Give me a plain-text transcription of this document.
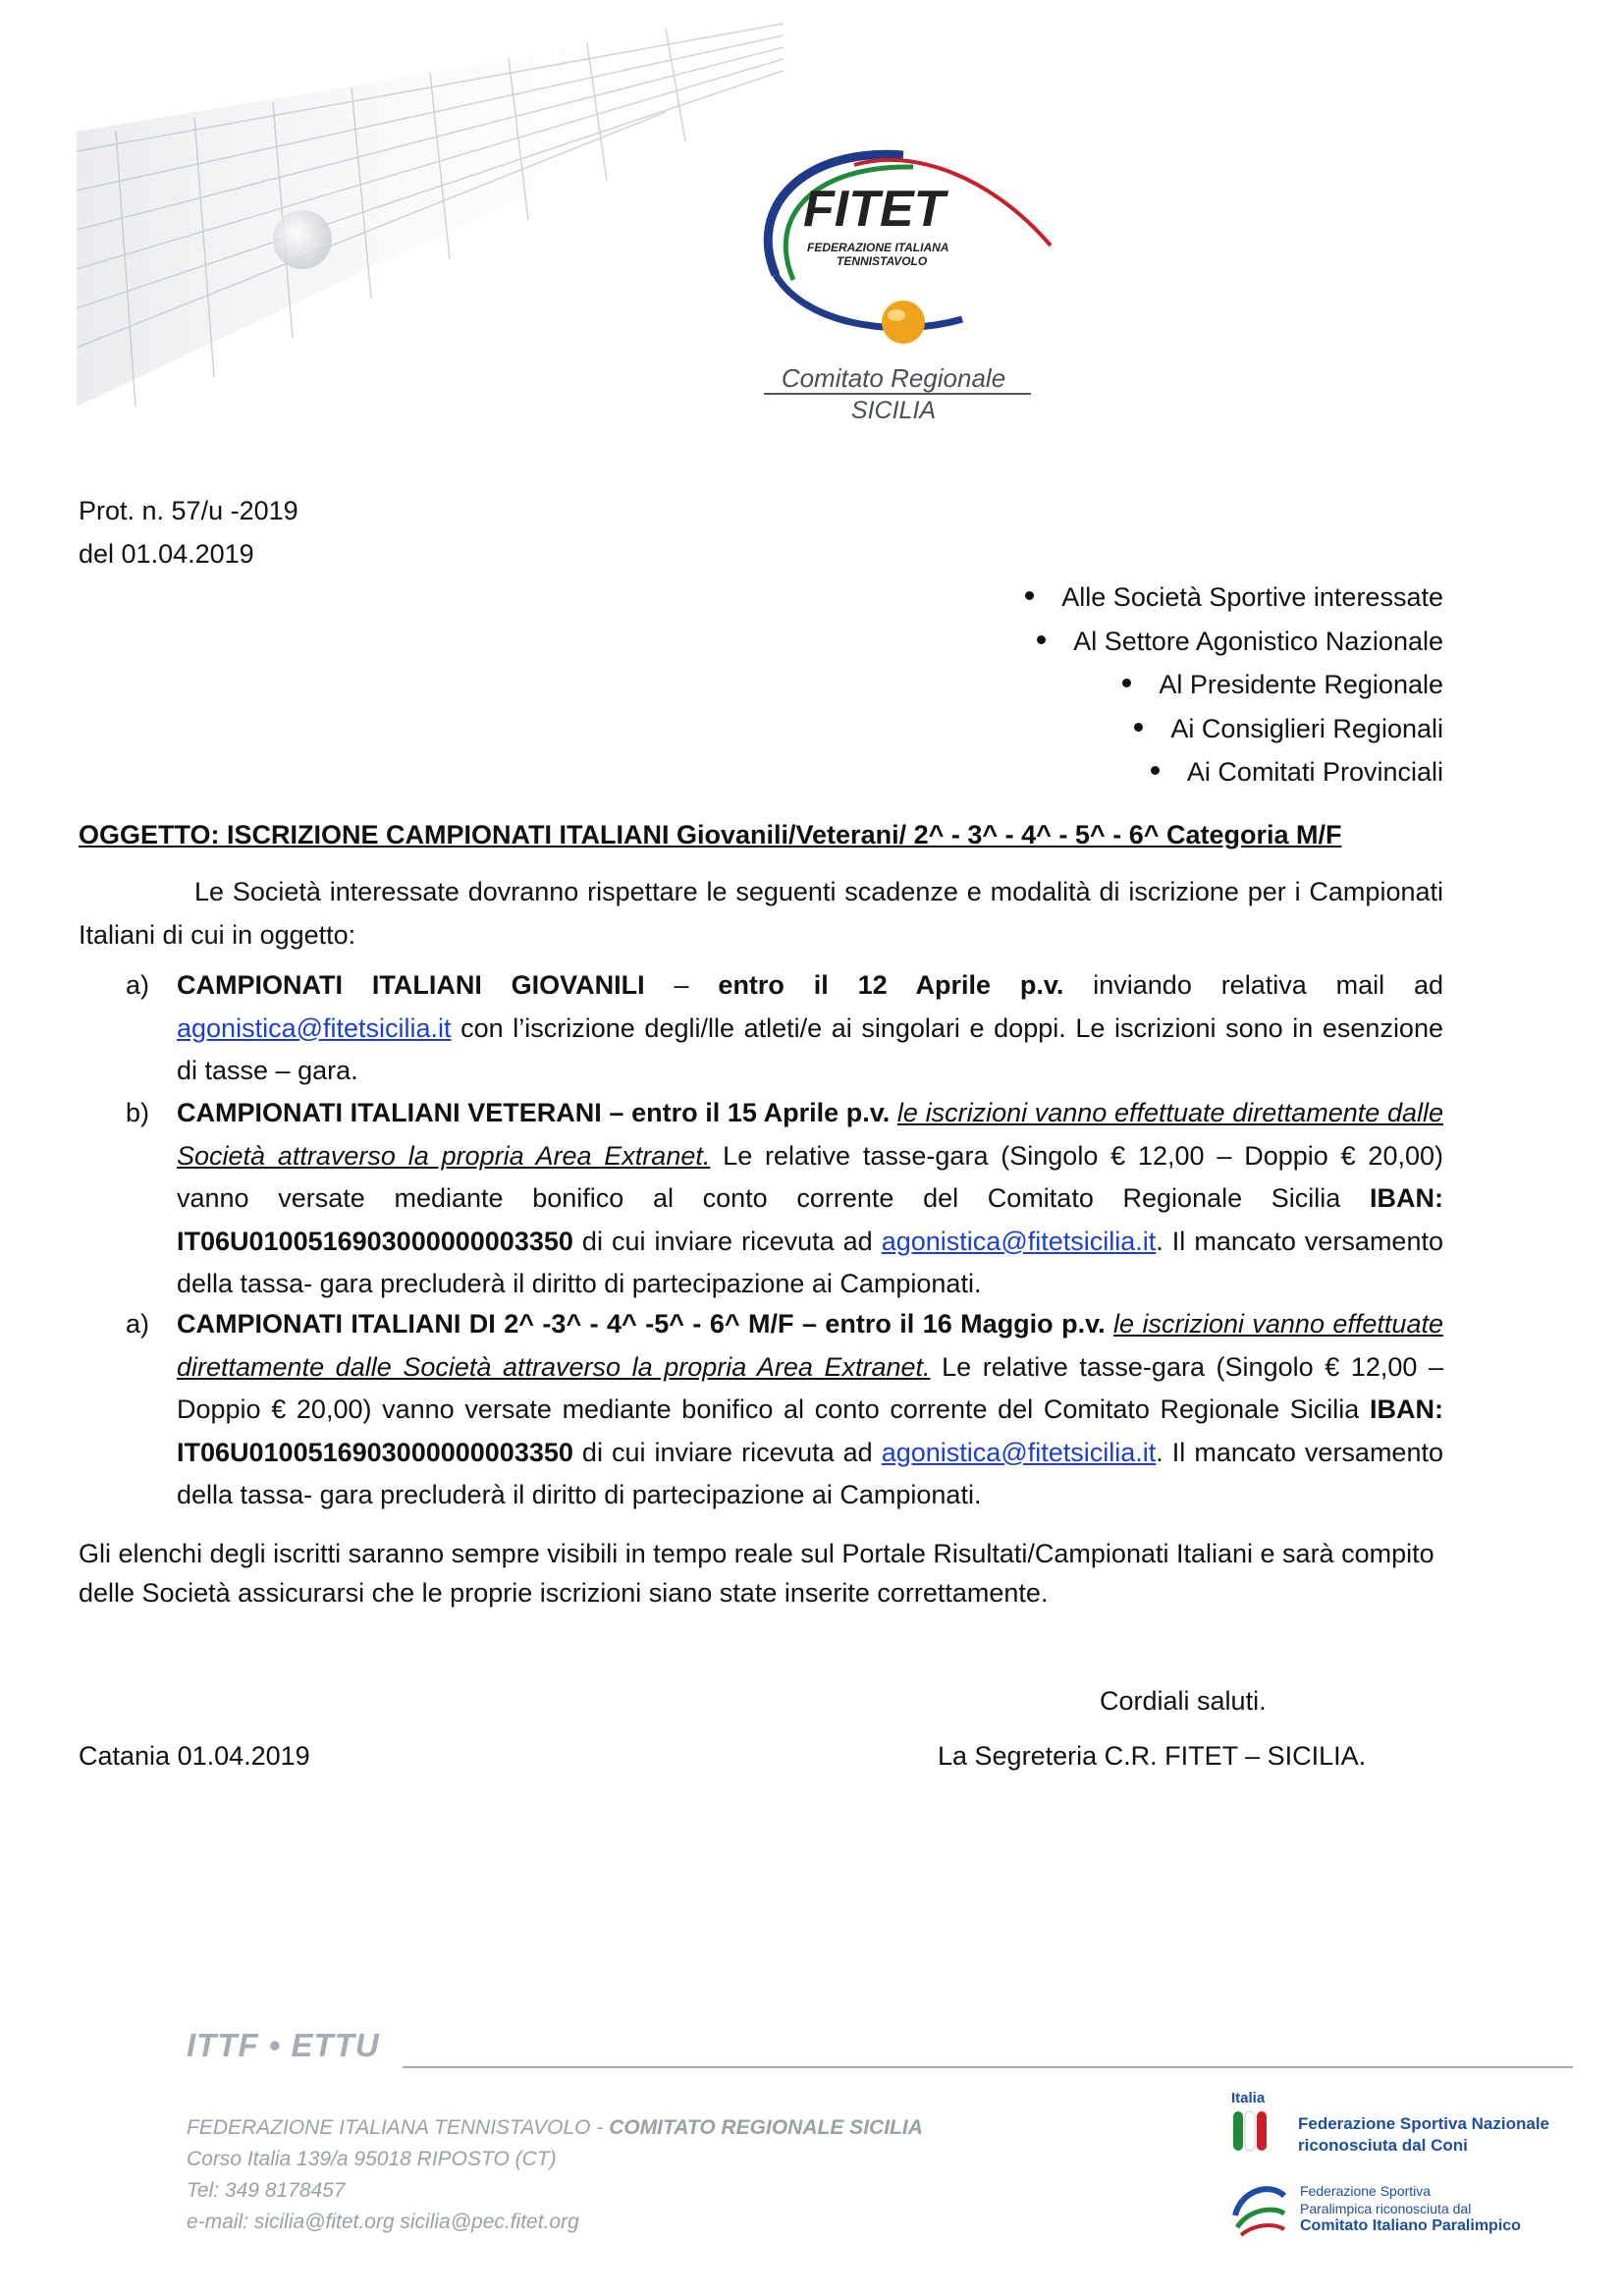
FITET
FEDERAZIONE ITALIANA
TENNISTAVOLO
Comitato Regionale
SICILIA
Prot. n. 57/u -2019
del 01.04.2019
Alle Società Sportive interessate
Al Settore Agonistico Nazionale
Al Presidente Regionale
Ai Consiglieri Regionali
Ai Comitati Provinciali
OGGETTO: ISCRIZIONE CAMPIONATI ITALIANI Giovanili/Veterani/ 2^ - 3^ - 4^ - 5^ - 6^ Categoria M/F

Le Società interessate dovranno rispettare le seguenti scadenze e modalità di iscrizione per i Campionati Italiani di cui in oggetto:

a) CAMPIONATI ITALIANI GIOVANILI – entro il 12 Aprile p.v. inviando relativa mail ad agonistica@fitetsicilia.it con l’iscrizione degli/lle atleti/e ai singolari e doppi. Le iscrizioni sono in esenzione di tasse – gara.
b) CAMPIONATI ITALIANI VETERANI – entro il 15 Aprile p.v. le iscrizioni vanno effettuate direttamente dalle Società attraverso la propria Area Extranet. Le relative tasse-gara (Singolo € 12,00 – Doppio € 20,00) vanno versate mediante bonifico al conto corrente del Comitato Regionale Sicilia IBAN: IT06U0100516903000000003350 di cui inviare ricevuta ad agonistica@fitetsicilia.it. Il mancato versamento della tassa- gara precluderà il diritto di partecipazione ai Campionati.
a) CAMPIONATI ITALIANI DI 2^ -3^ - 4^ -5^ - 6^ M/F – entro il 16 Maggio p.v. le iscrizioni vanno effettuate direttamente dalle Società attraverso la propria Area Extranet. Le relative tasse-gara (Singolo € 12,00 – Doppio € 20,00) vanno versate mediante bonifico al conto corrente del Comitato Regionale Sicilia IBAN: IT06U0100516903000000003350 di cui inviare ricevuta ad agonistica@fitetsicilia.it. Il mancato versamento della tassa- gara precluderà il diritto di partecipazione ai Campionati.

Gli elenchi degli iscritti saranno sempre visibili in tempo reale sul Portale Risultati/Campionati Italiani e sarà compito delle Società assicurarsi che le proprie iscrizioni siano state inserite correttamente.

Cordiali saluti.
Catania 01.04.2019	La Segreteria C.R. FITET – SICILIA.
ITTF • ETTU
FEDERAZIONE ITALIANA TENNISTAVOLO - COMITATO REGIONALE SICILIA
Corso Italia 139/a 95018 RIPOSTO (CT)
Tel: 349 8178457
e-mail: sicilia@fitet.org sicilia@pec.fitet.org
Italia
Federazione Sportiva Nazionale
riconosciuta dal Coni
Federazione Sportiva
Paralimpica riconosciuta dal
Comitato Italiano Paralimpico
